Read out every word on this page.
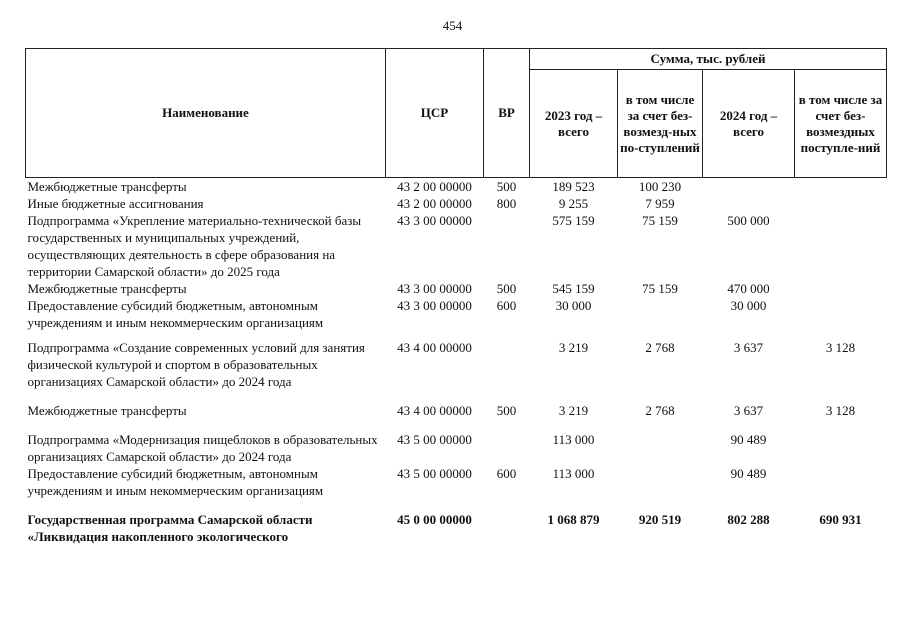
454
Наименование	ЦСР	ВР	Сумма, тыс. рублей			
			2023 год – всего	в том числе за счет без-возмезд-ных по-ступлений	2024 год – всего	в том числе за счет без-возмездных поступле-ний
Межбюджетные трансферты	43 2 00 00000	500	189 523	100 230		
Иные бюджетные ассигнования	43 2 00 00000	800	9 255	7 959		
Подпрограмма «Укрепление материально-технической базы государственных и муниципальных учреждений, осуществляющих деятельность в сфере образования на территории Самарской области» до 2025 года	43 3 00 00000		575 159	75 159	500 000	
Межбюджетные трансферты	43 3 00 00000	500	545 159	75 159	470 000	
Предоставление субсидий бюджетным, автономным учреждениям и иным некоммерческим организациям	43 3 00 00000	600	30 000		30 000	
Подпрограмма «Создание современных условий для занятия физической культурой и спортом в образовательных организациях Самарской области» до 2024 года	43 4 00 00000		3 219	2 768	3 637	3 128
Межбюджетные трансферты	43 4 00 00000	500	3 219	2 768	3 637	3 128
Подпрограмма «Модернизация пищеблоков в образовательных организациях Самарской области» до 2024 года	43 5 00 00000		113 000		90 489	
Предоставление субсидий бюджетным, автономным учреждениям и иным некоммерческим организациям	43 5 00 00000	600	113 000		90 489	
Государственная программа Самарской области «Ликвидация накопленного экологического	45 0 00 00000		1 068 879	920 519	802 288	690 931
